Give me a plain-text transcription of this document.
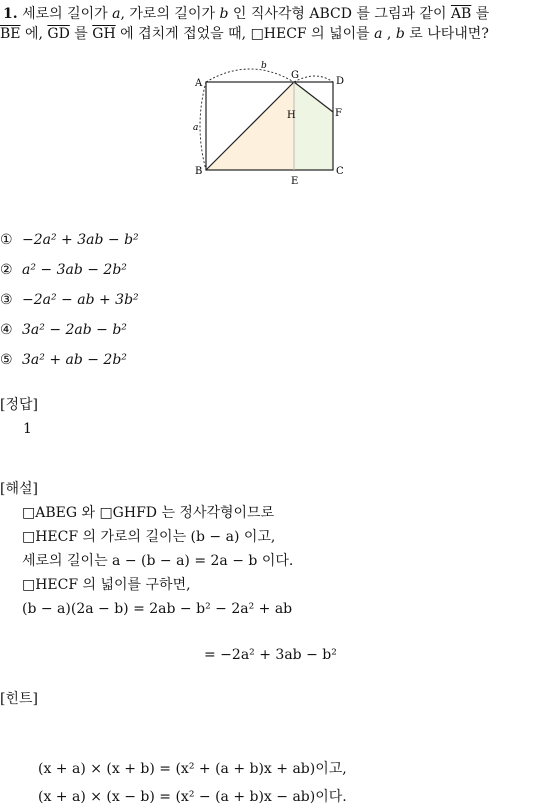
1. 세로의 길이가 a, 가로의 길이가 b 인 직사각형 ABCD 를 그림과 같이 $\overline{AB}$ 를
$\overline{BE}$ 에, $\overline{GD}$ 를 $\overline{GH}$ 에 겹치게 접었을 때, □HECF 의 넓이를 a , b 로 나타내면?
A
G
D
H	F
B
E
C
a
b
① −2a² + 3ab − b²
② a² − 3ab − 2b²
③ −2a² − ab + 3b²
④ 3a² − 2ab − b²
⑤ 3a² + ab − 2b²
[정답]
1
[해설]
□ABEG 와 □GHFD 는 정사각형이므로
□HECF 의 가로의 길이는 (b − a) 이고,
세로의 길이는 a − (b − a) = 2a − b 이다.
□HECF 의 넓이를 구하면,
(b − a)(2a − b) = 2ab − b² − 2a² + ab
= −2a² + 3ab − b²
[힌트]
(x + a) × (x + b) = (x² + (a + b)x + ab)이고,
(x + a) × (x − b) = (x² − (a + b)x − ab)이다.
